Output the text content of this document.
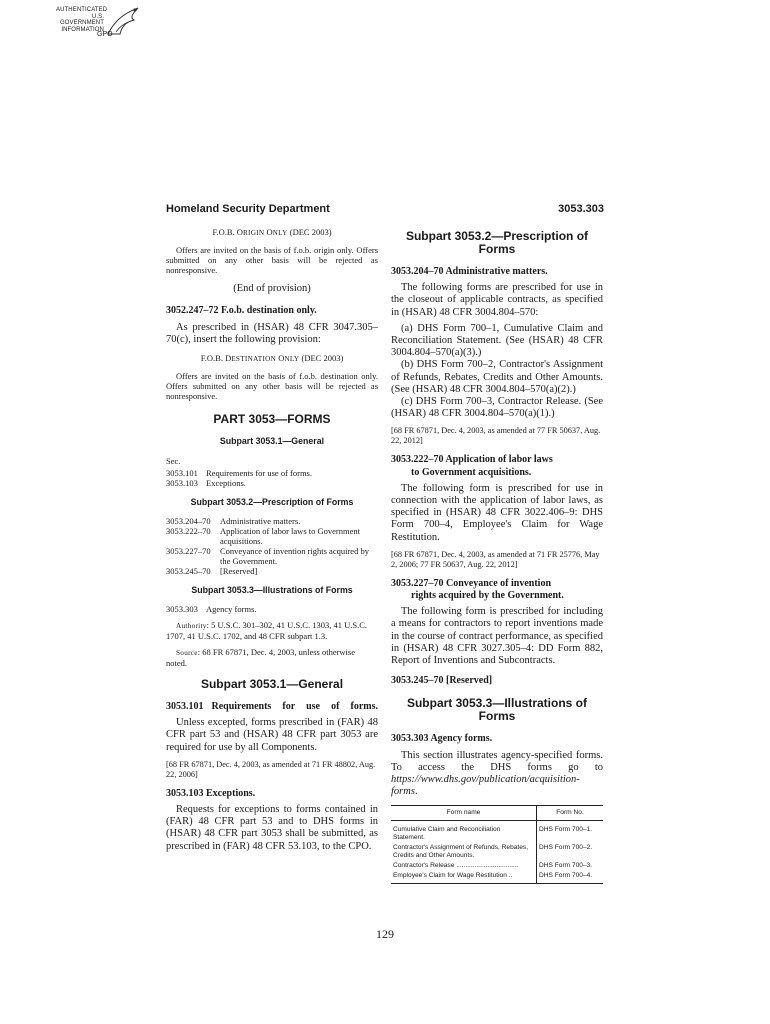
AUTHENTICATED
U.S. GOVERNMENT
INFORMATION
GPO
Homeland Security Department	3053.303
F.O.B. ORIGIN ONLY (DEC 2003)

Offers are invited on the basis of f.o.b. origin only. Offers submitted on any other basis will be rejected as nonresponsive.

(End of provision)
3052.247–72 F.o.b. destination only.

As prescribed in (HSAR) 48 CFR 3047.305–70(c), insert the following provision:

F.O.B. DESTINATION ONLY (DEC 2003)

Offers are invited on the basis of f.o.b. destination only. Offers submitted on any other basis will be rejected as nonresponsive.

PART 3053—FORMS
Subpart 3053.1—General
Sec.
3053.101 Requirements for use of forms.
3053.103 Exceptions.
Subpart 3053.2—Prescription of Forms
3053.204–70	Administrative matters.
3053.222–70	Application of labor laws to Government acquisitions.
3053.227–70	Conveyance of invention rights acquired by the Government.
3053.245–70	[Reserved]
Subpart 3053.3—Illustrations of Forms
3053.303 Agency forms.

Authority: 5 U.S.C. 301–302, 41 U.S.C. 1303, 41 U.S.C. 1707, 41 U.S.C. 1702, and 48 CFR subpart 1.3.

Source: 68 FR 67871, Dec. 4, 2003, unless otherwise noted.

Subpart 3053.1—General
3053.101 Requirements for use of forms.

Unless excepted, forms prescribed in (FAR) 48 CFR part 53 and (HSAR) 48 CFR part 3053 are required for use by all Components.

[68 FR 67871, Dec. 4, 2003, as amended at 71 FR 48802, Aug. 22, 2006]
3053.103 Exceptions.

Requests for exceptions to forms contained in (FAR) 48 CFR part 53 and to DHS forms in (HSAR) 48 CFR part 3053 shall be submitted, as prescribed in (FAR) 48 CFR 53.103, to the CPO.

Subpart 3053.2—Prescription of
Forms
3053.204–70 Administrative matters.

The following forms are prescribed for use in the closeout of applicable contracts, as specified in (HSAR) 48 CFR 3004.804–570:

(a) DHS Form 700–1, Cumulative Claim and Reconciliation Statement. (See (HSAR) 48 CFR 3004.804–570(a)(3).)

(b) DHS Form 700–2, Contractor's Assignment of Refunds, Rebates, Credits and Other Amounts. (See (HSAR) 48 CFR 3004.804–570(a)(2).)

(c) DHS Form 700–3, Contractor Release. (See (HSAR) 48 CFR 3004.804–570(a)(1).)

[68 FR 67871, Dec. 4, 2003, as amended at 77 FR 50637, Aug. 22, 2012]
3053.222–70 Application of labor laws
to Government acquisitions.

The following form is prescribed for use in connection with the application of labor laws, as specified in (HSAR) 48 CFR 3022.406–9: DHS Form 700–4, Employee's Claim for Wage Restitution.

[68 FR 67871, Dec. 4, 2003, as amended at 71 FR 25776, May 2, 2006; 77 FR 50637, Aug. 22, 2012]
3053.227–70 Conveyance of invention
rights acquired by the Government.

The following form is prescribed for including a means for contractors to report inventions made in the course of contract performance, as specified in (HSAR) 48 CFR 3027.305–4: DD Form 882, Report of Inventions and Subcontracts.

3053.245–70 [Reserved]
Subpart 3053.3—Illustrations of
Forms
3053.303 Agency forms.

This section illustrates agency-specified forms. To access the DHS forms go to https://www.dhs.gov/publication/acquisition-forms.

Form name	Form No.
Cumulative Claim and Reconciliation Statement.	DHS Form 700–1.
Contractor's Assignment of Refunds, Rebates, Credits and Other Amounts.	DHS Form 700–2.
Contractor's Release ..................................	DHS Form 700–3.
Employee's Claim for Wage Restitution ..	DHS Form 700–4.
129
